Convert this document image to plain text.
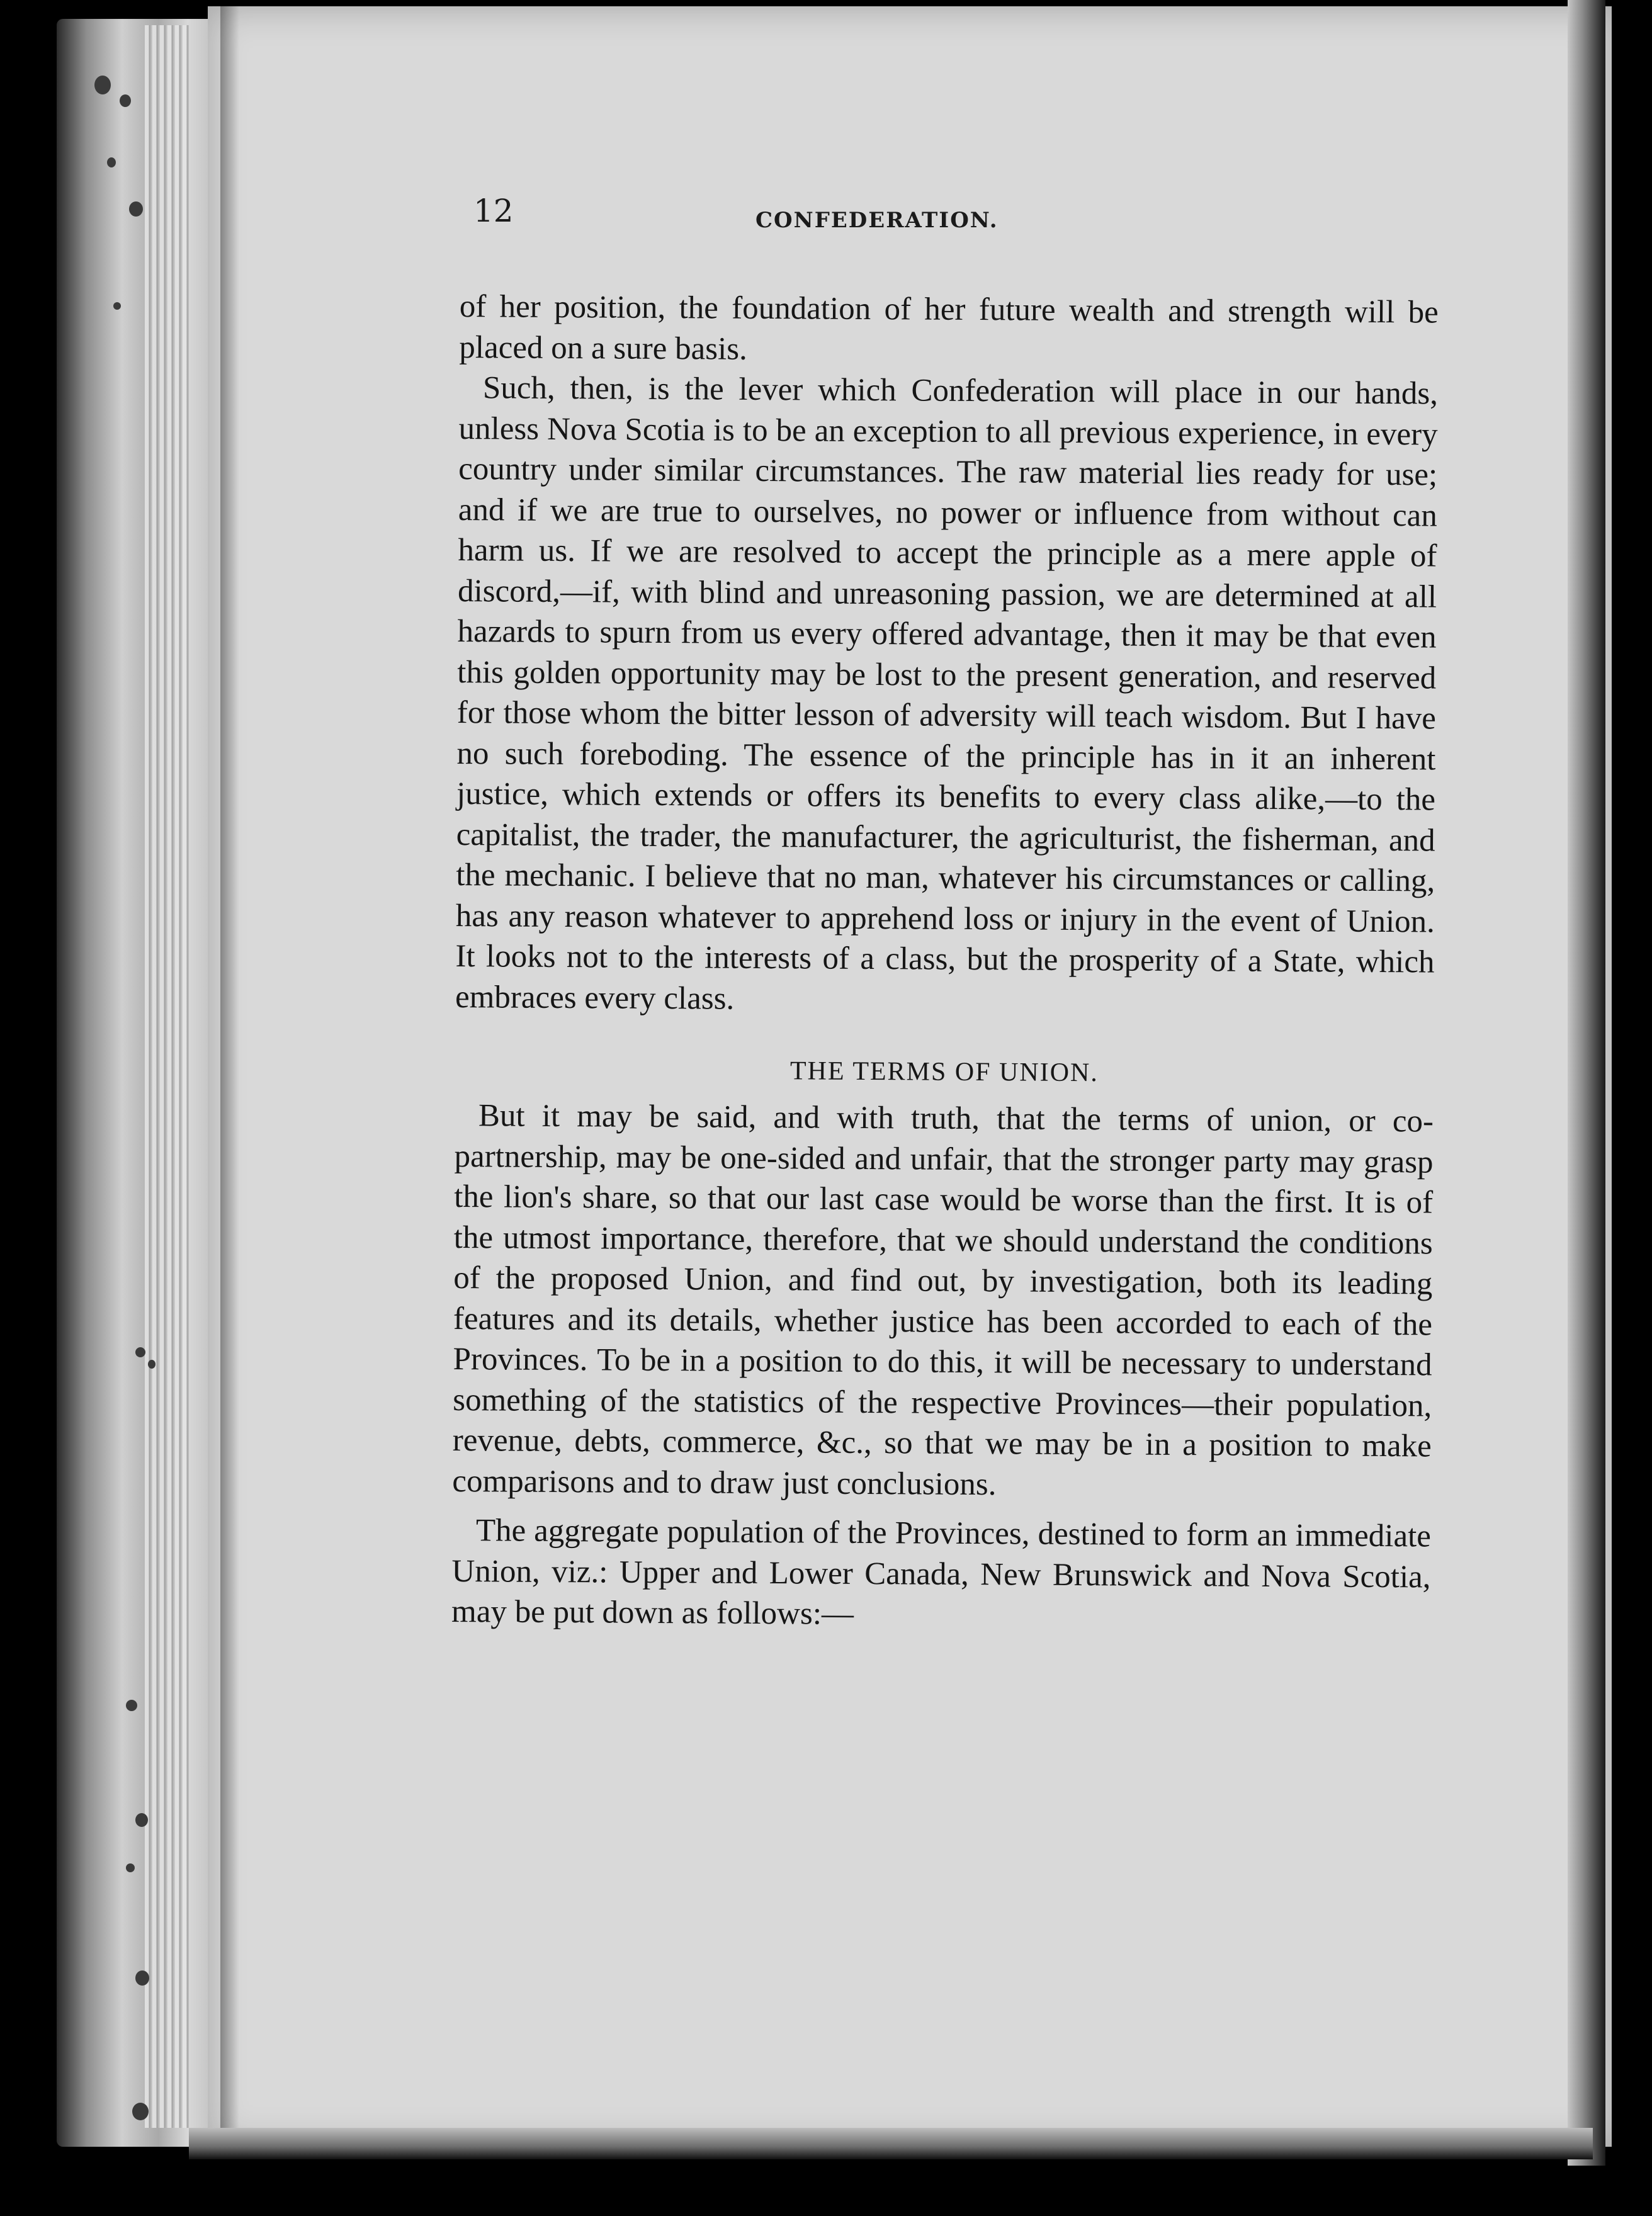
12	CONFEDERATION.

of her position, the foundation of her future wealth and strength will be placed on a sure basis.

Such, then, is the lever which Confederation will place in our hands, unless Nova Scotia is to be an exception to all previous experience, in every country under similar circumstances. The raw material lies ready for use; and if we are true to ourselves, no power or influence from without can harm us. If we are resolved to accept the principle as a mere apple of discord,—if, with blind and unreasoning passion, we are determined at all hazards to spurn from us every offered advantage, then it may be that even this golden opportunity may be lost to the present generation, and reserved for those whom the bitter lesson of adversity will teach wisdom. But I have no such foreboding. The essence of the principle has in it an inherent justice, which extends or offers its benefits to every class alike,—to the capitalist, the trader, the manufacturer, the agriculturist, the fisherman, and the mechanic. I believe that no man, whatever his circumstances or calling, has any reason whatever to apprehend loss or injury in the event of Union. It looks not to the interests of a class, but the prosperity of a State, which embraces every class.

THE TERMS OF UNION.

But it may be said, and with truth, that the terms of union, or co-partnership, may be one-sided and unfair, that the stronger party may grasp the lion's share, so that our last case would be worse than the first. It is of the utmost importance, therefore, that we should understand the conditions of the proposed Union, and find out, by investigation, both its leading features and its details, whether justice has been accorded to each of the Provinces. To be in a position to do this, it will be necessary to understand something of the statistics of the respective Provinces—their population, revenue, debts, commerce, &c., so that we may be in a position to make comparisons and to draw just conclusions.

The aggregate population of the Provinces, destined to form an immediate Union, viz.: Upper and Lower Canada, New Brunswick and Nova Scotia, may be put down as follows:—
